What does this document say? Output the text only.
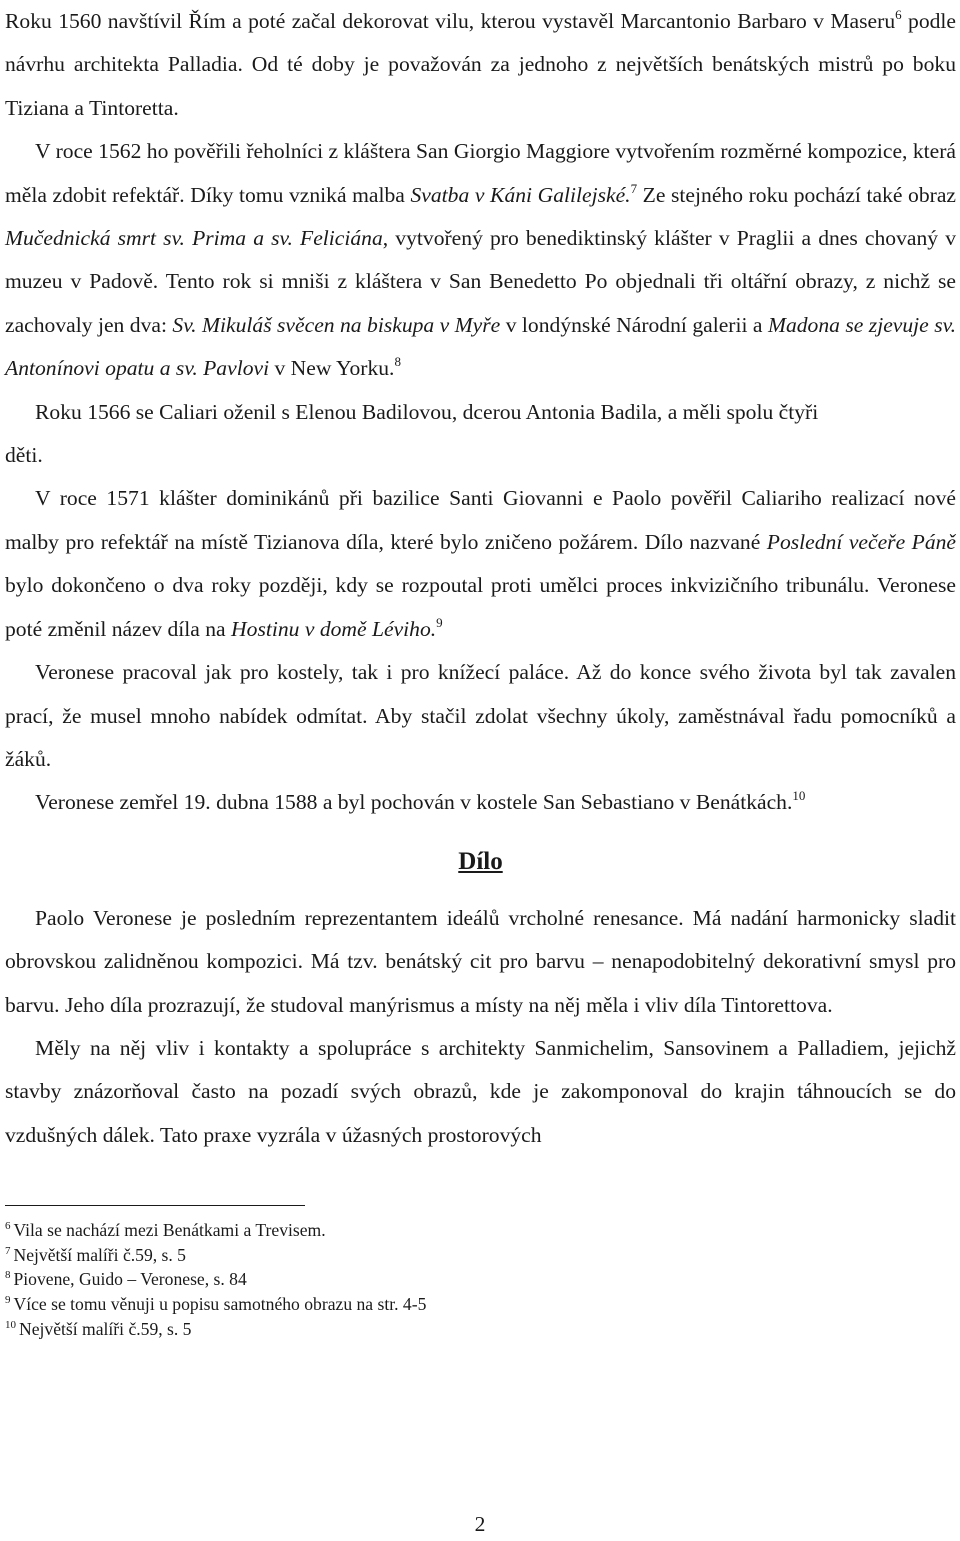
Roku 1560 navštívil Řím a poté začal dekorovat vilu, kterou vystavěl Marcantonio Barbaro v Maseru$^6$ podle návrhu architekta Palladia. Od té doby je považován za jednoho z největších benátských mistrů po boku Tiziana a Tintoretta.

V roce 1562 ho pověřili řeholníci z kláštera San Giorgio Maggiore vytvořením rozměrné kompozice, která měla zdobit refektář. Díky tomu vzniká malba Svatba v Káni Galilejské.$^7$ Ze stejného roku pochází také obraz Mučednická smrt sv. Prima a sv. Feliciána, vytvořený pro benediktinský klášter v Praglii a dnes chovaný v muzeu v Padově. Tento rok si mniši z kláštera v San Benedetto Po objednali tři oltářní obrazy, z nichž se zachovaly jen dva: Sv. Mikuláš svěcen na biskupa v Myře v londýnské Národní galerii a Madona se zjevuje sv. Antonínovi opatu a sv. Pavlovi v New Yorku.$^8$

Roku 1566 se Caliari oženil s Elenou Badilovou, dcerou Antonia Badila, a měli spolu čtyři

děti.

V roce 1571 klášter dominikánů při bazilice Santi Giovanni e Paolo pověřil Caliariho realizací nové malby pro refektář na místě Tizianova díla, které bylo zničeno požárem. Dílo nazvané Poslední večeře Páně bylo dokončeno o dva roky později, kdy se rozpoutal proti umělci proces inkvizičního tribunálu. Veronese poté změnil název díla na Hostinu v domě Léviho.$^9$

Veronese pracoval jak pro kostely, tak i pro knížecí paláce. Až do konce svého života byl tak zavalen prací, že musel mnoho nabídek odmítat. Aby stačil zdolat všechny úkoly, zaměstnával řadu pomocníků a žáků.

Veronese zemřel 19. dubna 1588 a byl pochován v kostele San Sebastiano v Benátkách.$^{10}$

Dílo

Paolo Veronese je posledním reprezentantem ideálů vrcholné renesance. Má nadání harmonicky sladit obrovskou zalidněnou kompozici. Má tzv. benátský cit pro barvu – nenapodobitelný dekorativní smysl pro barvu. Jeho díla prozrazují, že studoval manýrismus a místy na něj měla i vliv díla Tintorettova.

Měly na něj vliv i kontakty a spolupráce s architekty Sanmichelim, Sansovinem a Palladiem, jejichž stavby znázorňoval často na pozadí svých obrazů, kde je zakomponoval do krajin táhnoucích se do vzdušných dálek. Tato praxe vyzrála v úžasných prostorových

$^6$ Vila se nachází mezi Benátkami a Trevisem.

$^7$ Největší malíři č.59, s. 5

$^8$ Piovene, Guido – Veronese, s. 84

$^9$ Více se tomu věnuji u popisu samotného obrazu na str. 4-5

$^{10}$ Největší malíři č.59, s. 5

2
